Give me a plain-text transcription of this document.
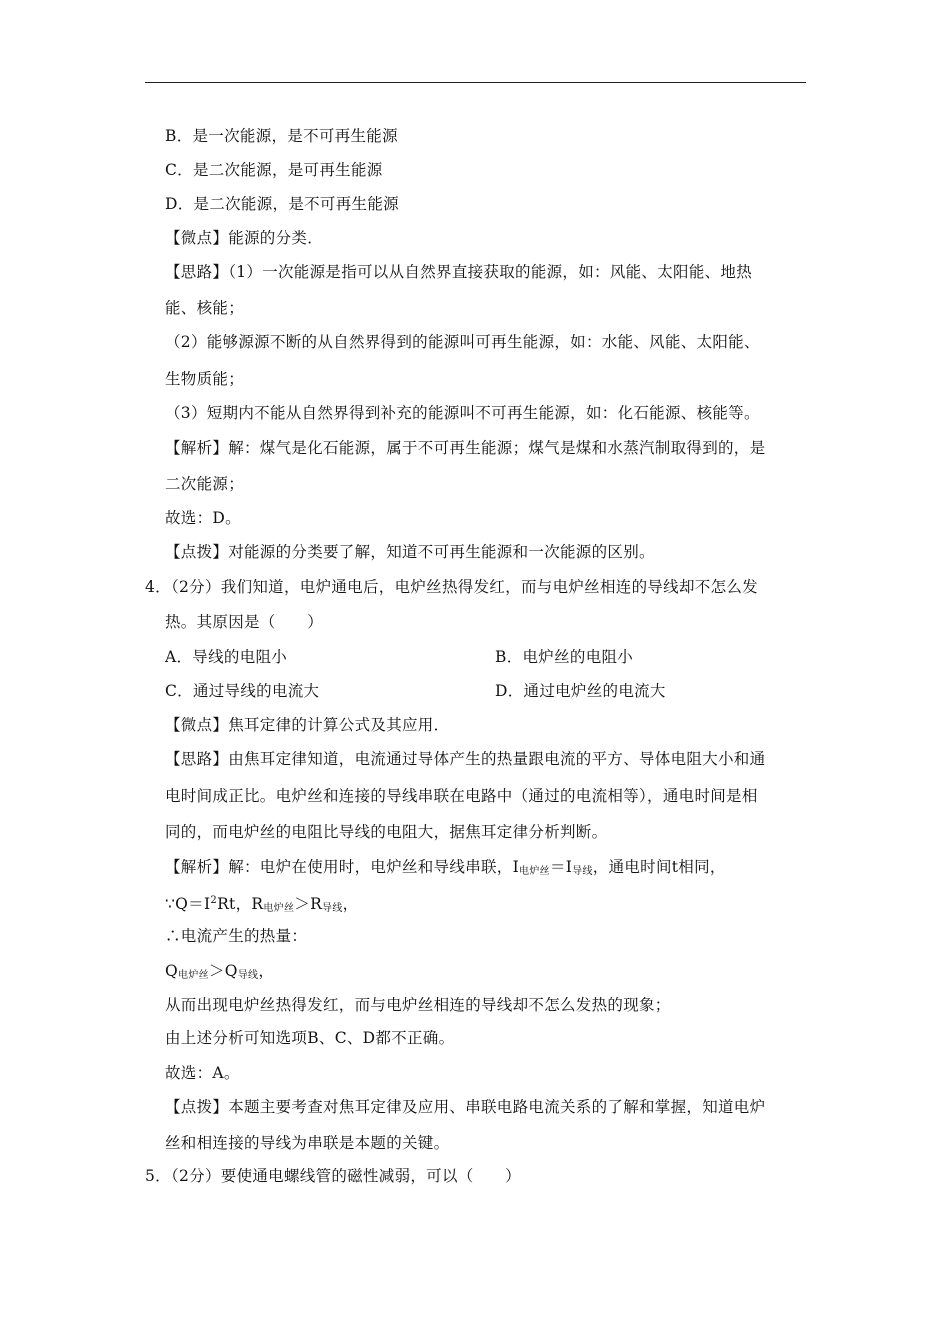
B．是一次能源，是不可再生能源
C．是二次能源，是可再生能源
D．是二次能源，是不可再生能源
【微点】能源的分类．
【思路】（1）一次能源是指可以从自然界直接获取的能源，如：风能、太阳能、地热
能、核能；
（2）能够源源不断的从自然界得到的能源叫可再生能源，如：水能、风能、太阳能、
生物质能；
（3）短期内不能从自然界得到补充的能源叫不可再生能源，如：化石能源、核能等。
【解析】解：煤气是化石能源，属于不可再生能源；煤气是煤和水蒸汽制取得到的，是
二次能源；
故选：D。
【点拨】对能源的分类要了解，知道不可再生能源和一次能源的区别。
4．（2分）我们知道，电炉通电后，电炉丝热得发红，而与电炉丝相连的导线却不怎么发
热。其原因是（　　）
A．导线的电阻小	B．电炉丝的电阻小
C．通过导线的电流大	D．通过电炉丝的电流大
【微点】焦耳定律的计算公式及其应用．
【思路】由焦耳定律知道，电流通过导体产生的热量跟电流的平方、导体电阻大小和通
电时间成正比。电炉丝和连接的导线串联在电路中（通过的电流相等），通电时间是相
同的，而电炉丝的电阻比导线的电阻大，据焦耳定律分析判断。
【解析】解：电炉在使用时，电炉丝和导线串联，$I_{电炉丝}=I_{导线}$，通电时间t相同，
$\because Q=I^2Rt$，$R_{电炉丝}>R_{导线}$，
∴电流产生的热量：
$Q_{电炉丝}>Q_{导线}$，
从而出现电炉丝热得发红，而与电炉丝相连的导线却不怎么发热的现象；
由上述分析可知选项B、C、D都不正确。
故选：A。
【点拨】本题主要考查对焦耳定律及应用、串联电路电流关系的了解和掌握，知道电炉
丝和相连接的导线为串联是本题的关键。
5．（2分）要使通电螺线管的磁性减弱，可以（　　）
